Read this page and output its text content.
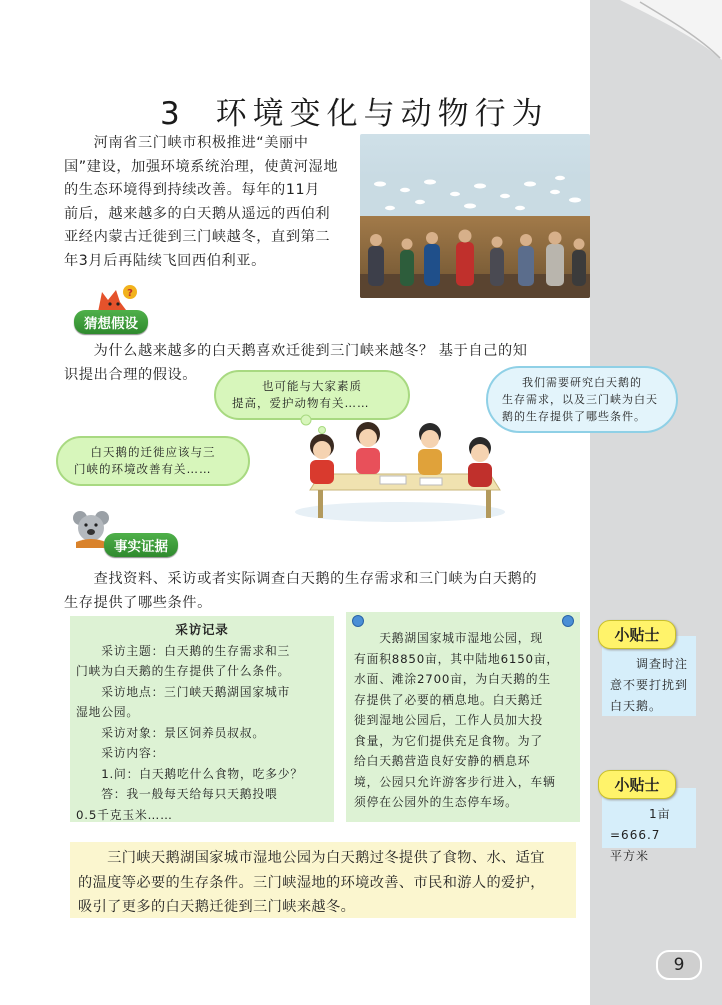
3 环境变化与动物行为
　　河南省三门峡市积极推进“美丽中
国”建设，加强环境系统治理，使黄河湿地
的生态环境得到持续改善。每年的11月
前后，越来越多的白天鹅从遥远的西伯利
亚经内蒙古迁徙到三门峡越冬，直到第二
年3月后再陆续飞回西伯利亚。
?
猜想假设
　　为什么越来越多的白天鹅喜欢迁徙到三门峡来越冬？ 基于自己的知
识提出合理的假设。
也可能与大家素质
提高，爱护动物有关……
我们需要研究白天鹅的
生存需求，以及三门峡为白天
鹅的生存提供了哪些条件。
白天鹅的迁徙应该与三
门峡的环境改善有关……
事实证据
　　查找资料、采访或者实际调查白天鹅的生存需求和三门峡为白天鹅的
生存提供了哪些条件。
采访记录
　　采访主题：白天鹅的生存需求和三
门峡为白天鹅的生存提供了什么条件。
　　采访地点：三门峡天鹅湖国家城市
湿地公园。
　　采访对象：景区饲养员叔叔。
　　采访内容：
　　1.问：白天鹅吃什么食物，吃多少？
　　答：我一般每天给每只天鹅投喂
0.5千克玉米……
　　天鹅湖国家城市湿地公园，现
有面积8850亩，其中陆地6150亩，
水面、滩涂2700亩，为白天鹅的生
存提供了必要的栖息地。白天鹅迁
徙到湿地公园后，工作人员加大投
食量，为它们提供充足食物。为了
给白天鹅营造良好安静的栖息环
境，公园只允许游客步行进入，车辆
须停在公园外的生态停车场。
　　三门峡天鹅湖国家城市湿地公园为白天鹅过冬提供了食物、水、适宜
的温度等必要的生存条件。三门峡湿地的环境改善、市民和游人的爱护，
吸引了更多的白天鹅迁徙到三门峡来越冬。
　　调查时注
意不要打扰到
白天鹅。
小贴士
　　　1亩=666.7
平方米
小贴士
9
